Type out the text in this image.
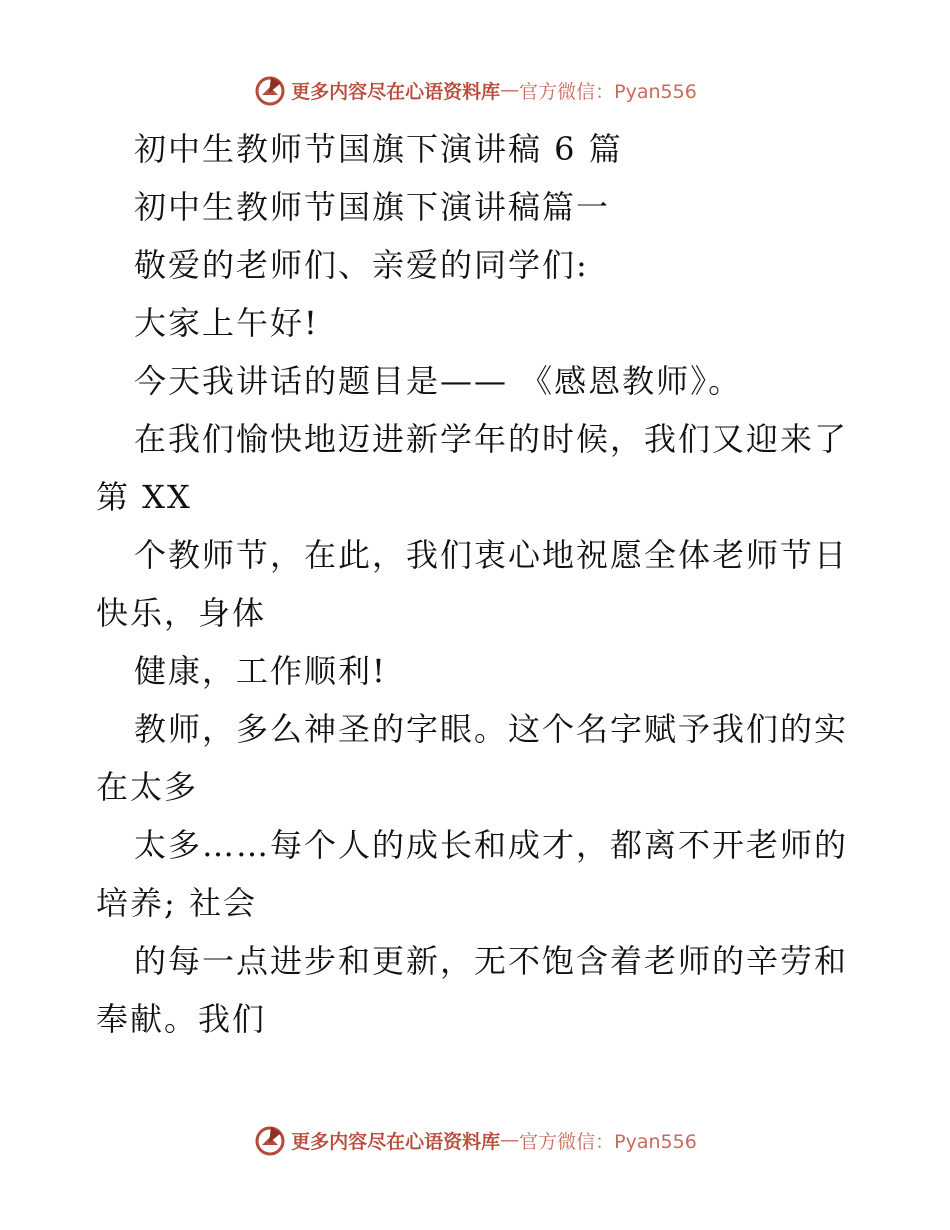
更多内容尽在心语资料库 — 官方微信：Pyan556
初中生教师节国旗下演讲稿 6 篇
初中生教师节国旗下演讲稿篇一
敬爱的老师们、亲爱的同学们:
大家上午好!
今天我讲话的题目是—— 《感恩教师》。
在我们愉快地迈进新学年的时候，我们又迎来了
第 XX
个教师节，在此，我们衷心地祝愿全体老师节日
快乐，身体
健康，工作顺利!
教师，多么神圣的字眼。这个名字赋予我们的实
在太多
太多……每个人的成长和成才，都离不开老师的
培养; 社会
的每一点进步和更新，无不饱含着老师的辛劳和
奉献。我们
更多内容尽在心语资料库 — 官方微信：Pyan556
